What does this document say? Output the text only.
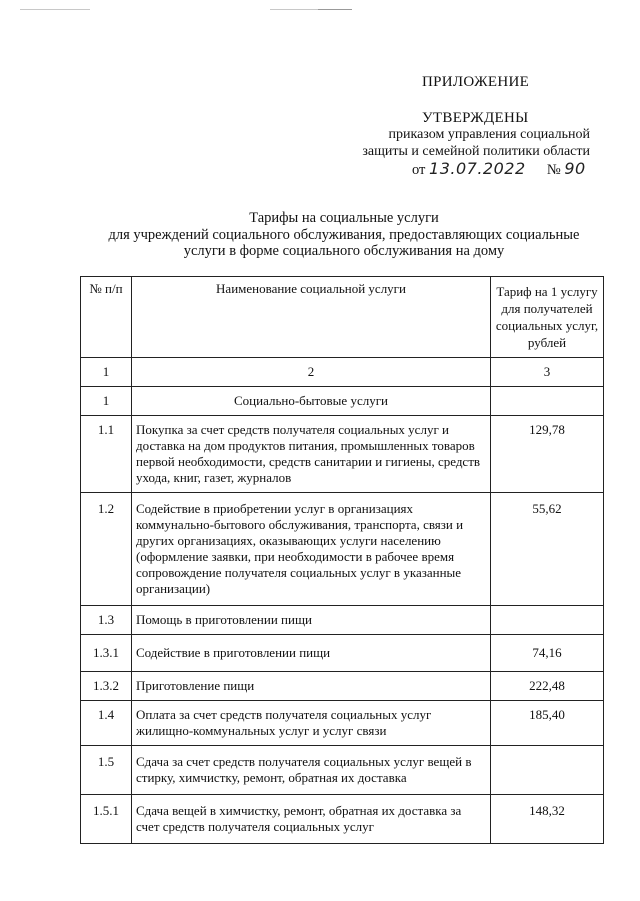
ПРИЛОЖЕНИЕ
УТВЕРЖДЕНЫ
приказом управления социальной
защиты и семейной политики области
от 13.07.2022 № 90
Тарифы на социальные услуги
для учреждений социального обслуживания, предоставляющих социальные
услуги в форме социального обслуживания на дому
№ п/п	Наименование социальной услуги	Тариф на 1 услугу для получателей социальных услуг, рублей
1	2	3
1	Социально-бытовые услуги	
1.1	Покупка за счет средств получателя социальных услуг и доставка на дом продуктов питания, промышленных товаров первой необходимости, средств санитарии и гигиены, средств ухода, книг, газет, журналов	129,78
1.2	Содействие в приобретении услуг в организациях коммунально-бытового обслуживания, транспорта, связи и других организациях, оказывающих услуги населению (оформление заявки, при необходимости в рабочее время сопровождение получателя социальных услуг в указанные организации)	55,62
1.3	Помощь в приготовлении пищи	
1.3.1	Содействие в приготовлении пищи	74,16
1.3.2	Приготовление пищи	222,48
1.4	Оплата за счет средств получателя социальных услуг жилищно-коммунальных услуг и услуг связи	185,40
1.5	Сдача за счет средств получателя социальных услуг вещей в стирку, химчистку, ремонт, обратная их доставка	
1.5.1	Сдача вещей в химчистку, ремонт, обратная их доставка за счет средств получателя социальных услуг	148,32
